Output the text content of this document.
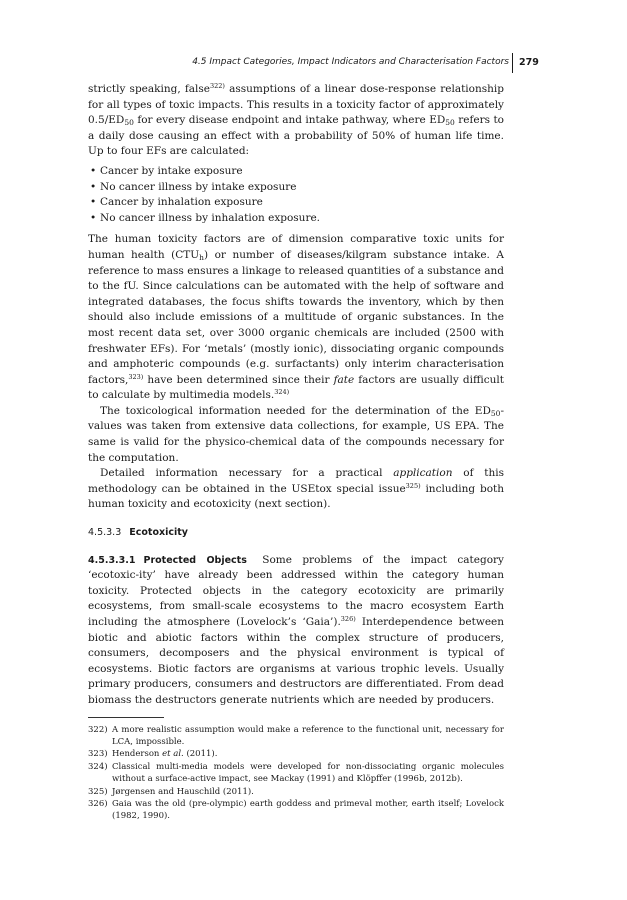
4.5 Impact Categories, Impact Indicators and Characterisation Factors 279

strictly speaking, false$^{322)}$ assumptions of a linear dose-response relationship for all types of toxic impacts. This results in a toxicity factor of approximately $0.5/ED_{50}$ for every disease endpoint and intake pathway, where $ED_{50}$ refers to a daily dose causing an effect with a probability of 50% of human life time. Up to four EFs are calculated:

• Cancer by intake exposure
• No cancer illness by intake exposure
• Cancer by inhalation exposure
• No cancer illness by inhalation exposure.

The human toxicity factors are of dimension comparative toxic units for human health $(CTU_h)$ or number of diseases/kilgram substance intake. A reference to mass ensures a linkage to released quantities of a substance and to the fU. Since calculations can be automated with the help of software and integrated databases, the focus shifts towards the inventory, which by then should also include emissions of a multitude of organic substances. In the most recent data set, over 3000 organic chemicals are included (2500 with freshwater EFs). For ‘metals’ (mostly ionic), dissociating organic compounds and amphoteric compounds (e.g. surfactants) only interim characterisation factors,$^{323)}$ have been determined since their fate factors are usually difficult to calculate by multimedia models.$^{324)}$

The toxicological information needed for the determination of the $ED_{50}$-values was taken from extensive data collections, for example, US EPA. The same is valid for the physico-chemical data of the compounds necessary for the computation.

Detailed information necessary for a practical application of this methodology can be obtained in the USEtox special issue$^{325)}$ including both human toxicity and ecotoxicity (next section).

4.5.3.3 Ecotoxicity

4.5.3.3.1 Protected Objects Some problems of the impact category ‘ecotoxic-ity’ have already been addressed within the category human toxicity. Protected objects in the category ecotoxicity are primarily ecosystems, from small-scale ecosystems to the macro ecosystem Earth including the atmosphere (Lovelock’s ‘Gaia’).$^{326)}$ Interdependence between biotic and abiotic factors within the complex structure of producers, consumers, decomposers and the physical environment is typical of ecosystems. Biotic factors are organisms at various trophic levels. Usually primary producers, consumers and destructors are differentiated. From dead biomass the destructors generate nutrients which are needed by producers.

322) A more realistic assumption would make a reference to the functional unit, necessary for LCA, impossible.
323) Henderson et al. (2011).
324) Classical multi-media models were developed for non-dissociating organic molecules without a surface-active impact, see Mackay (1991) and Klöpffer (1996b, 2012b).
325) Jørgensen and Hauschild (2011).
326) Gaia was the old (pre-olympic) earth goddess and primeval mother, earth itself; Lovelock (1982, 1990).
